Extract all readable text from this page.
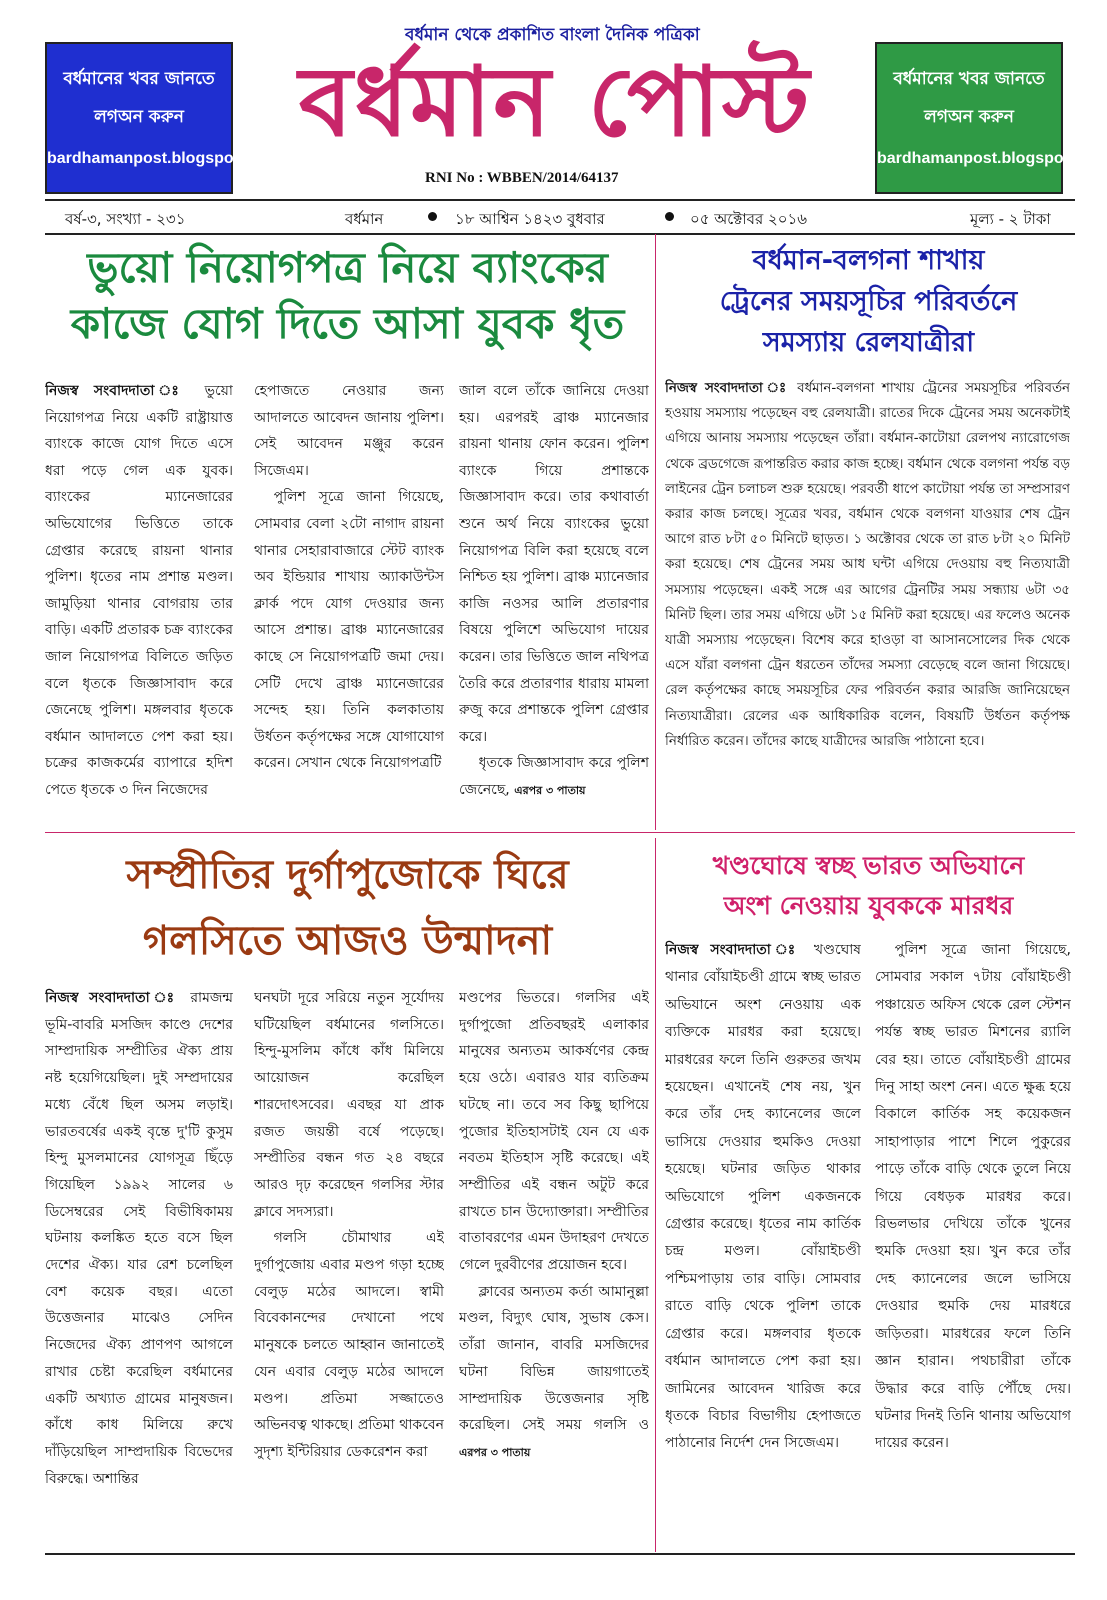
বর্ধমানের খবর জানতে
লগঅন করুন
bardhamanpost.blogspot.in
বর্ধমান থেকে প্রকাশিত বাংলা দৈনিক পত্রিকা
বর্ধমান পোস্ট
RNI No : WBBEN/2014/64137
বর্ধমানের খবর জানতে
লগঅন করুন
bardhamanpost.blogspot.in
বর্ষ-৩, সংখ্যা - ২৩১	বর্ধমান	১৮ আশ্বিন ১৪২৩ বুধবার	০৫ অক্টোবর ২০১৬	মূল্য - ২ টাকা
ভুয়ো নিয়োগপত্র নিয়ে ব্যাংকের
কাজে যোগ দিতে আসা যুবক ধৃত

নিজস্ব সংবাদদাতা ঃ ভুয়ো নিয়োগপত্র নিয়ে একটি রাষ্ট্রায়াত্ত ব্যাংকে কাজে যোগ দিতে এসে ধরা পড়ে গেল এক যুবক। ব্যাংকের ম্যানেজারের অভিযোগের ভিত্তিতে তাকে গ্রেপ্তার করেছে রায়না থানার পুলিশ। ধৃতের নাম প্রশান্ত মণ্ডল। জামুড়িয়া থানার বোগরায় তার বাড়ি। একটি প্রতারক চক্র ব্যাংকের জাল নিয়োগপত্র বিলিতে জড়িত বলে ধৃতকে জিজ্ঞাসাবাদ করে জেনেছে পুলিশ। মঙ্গলবার ধৃতকে বর্ধমান আদালতে পেশ করা হয়। চক্রের কাজকর্মের ব্যাপারে হদিশ পেতে ধৃতকে ৩ দিন নিজেদের

হেপাজতে নেওয়ার জন্য আদালতে আবেদন জানায় পুলিশ। সেই আবেদন মঞ্জুর করেন সিজেএম।

পুলিশ সূত্রে জানা গিয়েছে, সোমবার বেলা ২টো নাগাদ রায়না থানার সেহারাবাজারে স্টেট ব্যাংক অব ইন্ডিয়ার শাখায় অ্যাকাউন্টস ক্লার্ক পদে যোগ দেওয়ার জন্য আসে প্রশান্ত। ব্রাঞ্চ ম্যানেজারের কাছে সে নিয়োগপত্রটি জমা দেয়। সেটি দেখে ব্রাঞ্চ ম্যানেজারের সন্দেহ হয়। তিনি কলকাতায় উর্ধতন কর্তৃপক্ষের সঙ্গে যোগাযোগ করেন। সেখান থেকে নিয়োগপত্রটি

জাল বলে তাঁকে জানিয়ে দেওয়া হয়। এরপরই ব্রাঞ্চ ম্যানেজার রায়না থানায় ফোন করেন। পুলিশ ব্যাংকে গিয়ে প্রশান্তকে জিজ্ঞাসাবাদ করে। তার কথাবার্তা শুনে অর্থ নিয়ে ব্যাংকের ভুয়ো নিয়োগপত্র বিলি করা হয়েছে বলে নিশ্চিত হয় পুলিশ। ব্রাঞ্চ ম্যানেজার কাজি নওসর আলি প্রতারণার বিষয়ে পুলিশে অভিযোগ দায়ের করেন। তার ভিত্তিতে জাল নথিপত্র তৈরি করে প্রতারণার ধারায় মামলা রুজু করে প্রশান্তকে পুলিশ গ্রেপ্তার করে।

ধৃতকে জিজ্ঞাসাবাদ করে পুলিশ জেনেছে, এরপর ৩ পাতায়

বর্ধমান-বলগনা শাখায়
ট্রেনের সময়সূচির পরিবর্তনে
সমস্যায় রেলযাত্রীরা

নিজস্ব সংবাদদাতা ঃ বর্ধমান-বলগনা শাখায় ট্রেনের সময়সূচির পরিবর্তন হওয়ায় সমস্যায় পড়েছেন বহু রেলযাত্রী। রাতের দিকে ট্রেনের সময় অনেকটাই এগিয়ে আনায় সমস্যায় পড়েছেন তাঁরা। বর্ধমান-কাটোয়া রেলপথ ন্যারোগেজ থেকে ব্রডগেজে রূপান্তরিত করার কাজ হচ্ছে। বর্ধমান থেকে বলগনা পর্যন্ত বড় লাইনের ট্রেন চলাচল শুরু হয়েছে। পরবর্তী ধাপে কাটোয়া পর্যন্ত তা সম্প্রসারণ করার কাজ চলছে। সূত্রের খবর, বর্ধমান থেকে বলগনা যাওয়ার শেষ ট্রেন আগে রাত ৮টা ৫০ মিনিটে ছাড়ত। ১ অক্টোবর থেকে তা রাত ৮টা ২০ মিনিট করা হয়েছে। শেষ ট্রেনের সময় আধ ঘন্টা এগিয়ে দেওয়ায় বহু নিত্যযাত্রী সমস্যায় পড়েছেন। একই সঙ্গে এর আগের ট্রেনটির সময় সন্ধ্যায় ৬টা ৩৫ মিনিট ছিল। তার সময় এগিয়ে ৬টা ১৫ মিনিট করা হয়েছে। এর ফলেও অনেক যাত্রী সমস্যায় পড়েছেন। বিশেষ করে হাওড়া বা আসানসোলের দিক থেকে এসে যাঁরা বলগনা ট্রেন ধরতেন তাঁদের সমস্যা বেড়েছে বলে জানা গিয়েছে। রেল কর্তৃপক্ষের কাছে সময়সূচির ফের পরিবর্তন করার আরজি জানিয়েছেন নিত্যযাত্রীরা। রেলের এক আধিকারিক বলেন, বিষয়টি উর্ধতন কর্তৃপক্ষ নির্ধারিত করেন। তাঁদের কাছে যাত্রীদের আরজি পাঠানো হবে।

সম্প্রীতির দুর্গাপুজোকে ঘিরে
গলসিতে আজও উন্মাদনা

নিজস্ব সংবাদদাতা ঃ রামজন্ম ভূমি-বাবরি মসজিদ কাণ্ডে দেশের সাম্প্রদায়িক সম্প্রীতির ঐক্য প্রায় নষ্ট হয়েগিয়েছিল। দুই সম্প্রদায়ের মধ্যে বেঁধে ছিল অসম লড়াই। ভারতবর্ষের একই বৃন্তে দু'টি কুসুম হিন্দু মুসলমানের যোগসূত্র ছিঁড়ে গিয়েছিল ১৯৯২ সালের ৬ ডিসেম্বরের সেই বিভীষিকাময় ঘটনায় কলঙ্কিত হতে বসে ছিল দেশের ঐক্য। যার রেশ চলেছিল বেশ কয়েক বছর। এতো উত্তেজনার মাঝেও সেদিন নিজেদের ঐক্য প্রাণপণ আগলে রাখার চেষ্টা করেছিল বর্ধমানের একটি অখ্যাত গ্রামের মানুষজন। কাঁধে কাধ মিলিয়ে রুখে দাঁড়িয়েছিল সাম্প্রদায়িক বিভেদের বিরুদ্ধে। অশান্তির

ঘনঘটা দূরে সরিয়ে নতুন সূর্যোদয় ঘটিয়েছিল বর্ধমানের গলসিতে। হিন্দু-মুসলিম কাঁধে কাঁধ মিলিয়ে আয়োজন করেছিল শারদোৎসবের। এবছর যা প্রাক রজত জয়ন্তী বর্ষে পড়েছে। সম্প্রীতির বন্ধন গত ২৪ বছরে আরও দৃঢ় করেছেন গলসির স্টার ক্লাবে সদস্যরা।

গলসি চৌমাথার এই দুর্গাপুজোয় এবার মণ্ডপ গড়া হচ্ছে বেলুড় মঠের আদলে। স্বামী বিবেকানন্দের দেখানো পথে মানুষকে চলতে আহ্বান জানাতেই যেন এবার বেলুড় মঠের আদলে মণ্ডপ। প্রতিমা সজ্জাতেও অভিনবত্ব থাকছে। প্রতিমা থাকবেন সুদৃশ্য ইন্টিরিয়ার ডেকরেশন করা

মণ্ডপের ভিতরে। গলসির এই দুর্গাপুজো প্রতিবছরই এলাকার মানুষের অন্যতম আকর্ষণের কেন্দ্র হয়ে ওঠে। এবারও যার ব্যতিক্রম ঘটছে না। তবে সব কিছু ছাপিয়ে পুজোর ইতিহাসটাই যেন যে এক নবতম ইতিহাস সৃষ্টি করেছে। এই সম্প্রীতির এই বন্ধন অটুট করে রাখতে চান উদ্যোক্তারা। সম্প্রীতির বাতাবরণের এমন উদাহরণ দেখতে গেলে দুরবীণের প্রয়োজন হবে।

ক্লাবের অন্যতম কর্তা আমানুল্লা মণ্ডল, বিদ্যুৎ ঘোষ, সুভাষ কেস। তাঁরা জানান, বাবরি মসজিদের ঘটনা বিভিন্ন জায়গাতেই সাম্প্রদায়িক উত্তেজনার সৃষ্টি করেছিল। সেই সময় গলসি ও এরপর ৩ পাতায়

খণ্ডঘোষে স্বচ্ছ ভারত অভিযানে
অংশ নেওয়ায় যুবককে মারধর

নিজস্ব সংবাদদাতা ঃ খণ্ডঘোষ থানার বোঁয়াইচণ্ডী গ্রামে স্বচ্ছ ভারত অভিযানে অংশ নেওয়ায় এক ব্যক্তিকে মারধর করা হয়েছে। মারধরের ফলে তিনি গুরুতর জখম হয়েছেন। এখানেই শেষ নয়, খুন করে তাঁর দেহ ক্যানেলের জলে ভাসিয়ে দেওয়ার হুমকিও দেওয়া হয়েছে। ঘটনার জড়িত থাকার অভিযোগে পুলিশ একজনকে গ্রেপ্তার করেছে। ধৃতের নাম কার্তিক চন্দ্র মণ্ডল। বোঁয়াইচণ্ডী পশ্চিমপাড়ায় তার বাড়ি। সোমবার রাতে বাড়ি থেকে পুলিশ তাকে গ্রেপ্তার করে। মঙ্গলবার ধৃতকে বর্ধমান আদালতে পেশ করা হয়। জামিনের আবেদন খারিজ করে ধৃতকে বিচার বিভাগীয় হেপাজতে পাঠানোর নির্দেশ দেন সিজেএম।

পুলিশ সূত্রে জানা গিয়েছে, সোমবার সকাল ৭টায় বোঁয়াইচণ্ডী পঞ্চায়েত অফিস থেকে রেল স্টেশন পর্যন্ত স্বচ্ছ ভারত মিশনের র‍্যালি বের হয়। তাতে বোঁয়াইচণ্ডী গ্রামের দিনু সাহা অংশ নেন। এতে ক্ষুব্ধ হয়ে বিকালে কার্তিক সহ কয়েকজন সাহাপাড়ার পাশে শিলে পুকুরের পাড়ে তাঁকে বাড়ি থেকে তুলে নিয়ে গিয়ে বেধড়ক মারধর করে। রিভলভার দেখিয়ে তাঁকে খুনের হুমকি দেওয়া হয়। খুন করে তাঁর দেহ ক্যানেলের জলে ভাসিয়ে দেওয়ার হুমকি দেয় মারধরে জড়িতরা। মারধরের ফলে তিনি জ্ঞান হারান। পথচারীরা তাঁকে উদ্ধার করে বাড়ি পৌঁছে দেয়। ঘটনার দিনই তিনি থানায় অভিযোগ দায়ের করেন।
